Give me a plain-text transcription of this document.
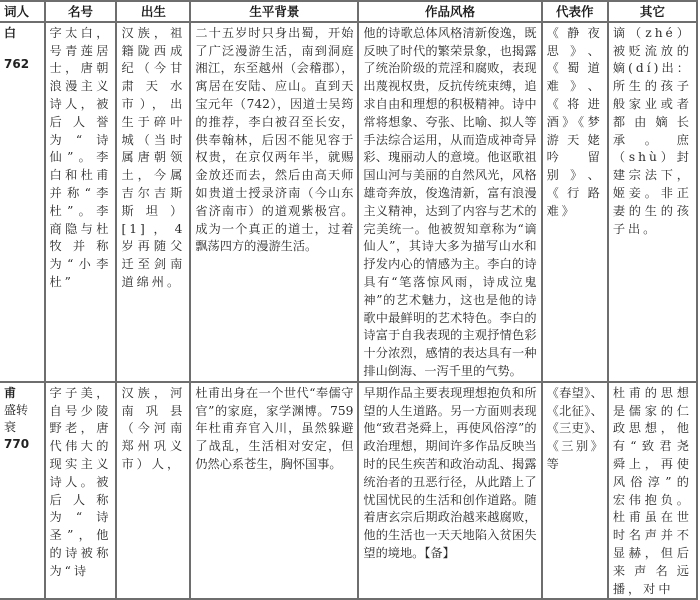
词人	名号	出生	生平背景	作品风格	代表作	其它
白
762	字太白，号青莲居士，唐朝浪漫主义诗人，被后人誉为“诗仙”。李白和杜甫并称“李杜”。李商隐与杜牧并称为“小李杜”	汉族，祖籍陇西成纪（今甘肃天水市），出生于碎叶城（当时属唐朝领土，今属吉尔吉斯斯坦）[1]，4岁再随父迁至剑南道绵州。	二十五岁时只身出蜀，开始了广泛漫游生活，南到洞庭湘江，东至越州（会稽郡），寓居在安陆、应山。直到天宝元年（742），因道士吴筠的推荐，李白被召至长安，供奉翰林，后因不能见容于权贵，在京仅两年半，就赐金放还而去，然后由高天师如贵道士授录济南（今山东省济南市）的道观紫极宫。成为一个真正的道士，过着飘荡四方的漫游生活。	他的诗歌总体风格清新俊逸，既反映了时代的繁荣景象，也揭露了统治阶级的荒淫和腐败，表现出蔑视权贵，反抗传统束缚，追求自由和理想的积极精神。诗中常将想象、夸张、比喻、拟人等手法综合运用，从而造成神奇异彩、瑰丽动人的意境。他讴歌祖国山河与美丽的自然风光，风格雄奇奔放，俊逸清新，富有浪漫主义精神，达到了内容与艺术的完美统一。他被贺知章称为“谪仙人”，其诗大多为描写山水和抒发内心的情感为主。李白的诗具有“笔落惊风雨，诗成泣鬼神”的艺术魅力，这也是他的诗歌中最鲜明的艺术特色。李白的诗富于自我表现的主观抒情色彩十分浓烈，感情的表达具有一种排山倒海、一泻千里的气势。	《静夜思》、《蜀道难》、《将进酒》《梦游天姥吟留别》、《行路难》	谪（zhé）被贬流放的嫡(dí)出：所生的孩子般家业或者都由嫡长承。庶（shù）封建宗法下，姬妾。非正妻的生的孩子出。
甫
盛转衰
770	字子美，自号少陵野老，唐代伟大的现实主义诗人。被后人称为“诗圣”，他的诗被称为“诗	汉族，河南巩县（今河南郑州巩义市）人，	杜甫出身在一个世代“奉儒守官”的家庭，家学渊博。759年杜甫弃官入川，虽然躲避了战乱，生活相对安定，但仍然心系苍生，胸怀国事。	早期作品主要表现理想抱负和所望的人生道路。另一方面则表现他“致君尧舜上，再使风俗淳”的政治理想，期间许多作品反映当时的民生疾苦和政治动乱、揭露统治者的丑恶行径，从此踏上了忧国忧民的生活和创作道路。随着唐玄宗后期政治越来越腐败，他的生活也一天天地陷入贫困失望的境地。【备】	《春望》、《北征》、《三吏》、《三别》等	杜甫的思想是儒家的仁政思想，他有“致君尧舜上，再使风俗淳”的宏伟抱负。杜甫虽在世时名声并不显赫，但后来声名远播，对中
